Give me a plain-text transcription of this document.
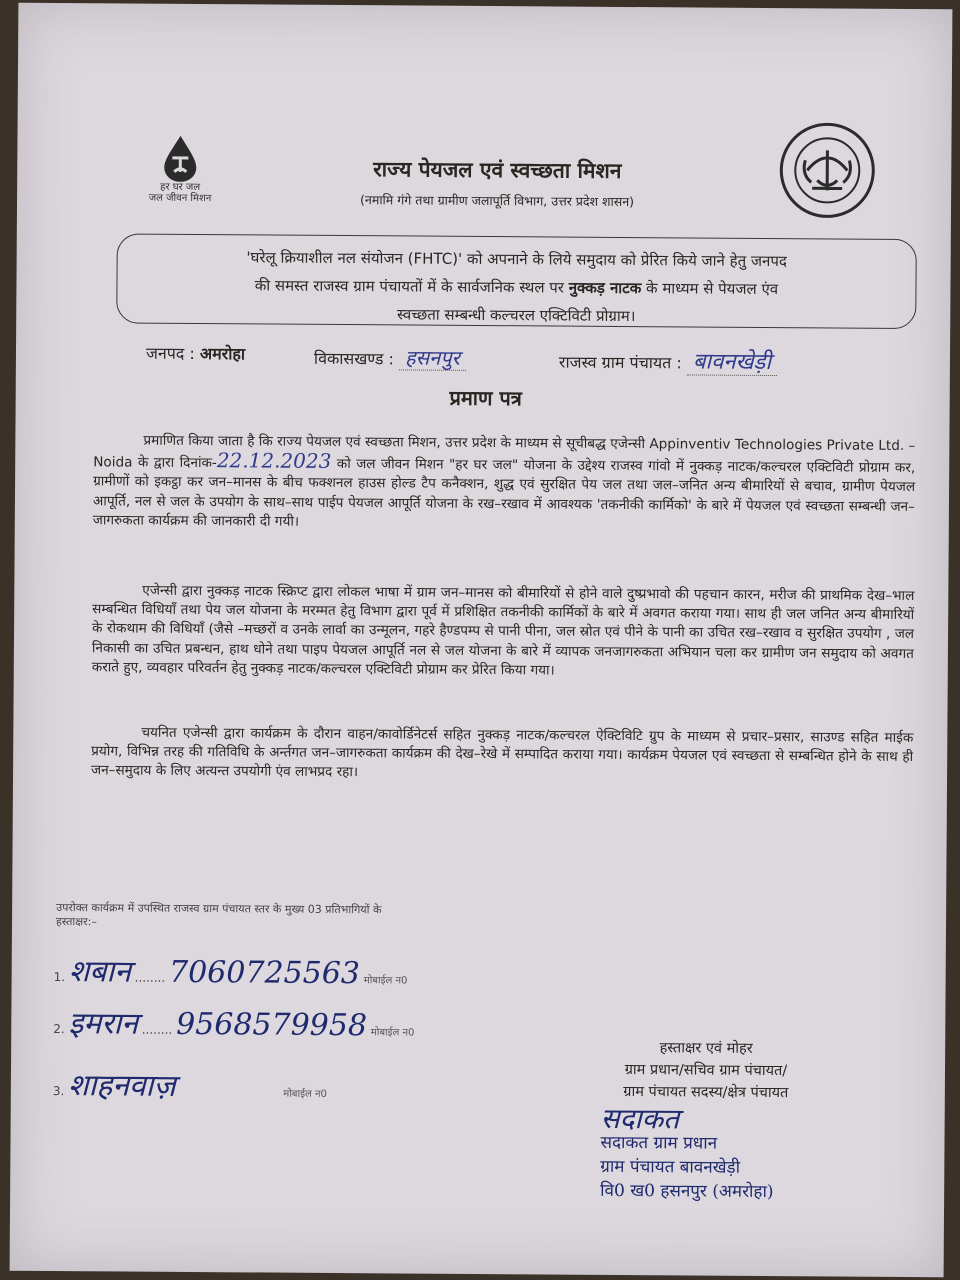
हर घर जल
जल जीवन मिशन
राज्य पेयजल एवं स्वच्छता मिशन
(नमामि गंगे तथा ग्रामीण जलापूर्ति विभाग, उत्तर प्रदेश शासन)
'घरेलू क्रियाशील नल संयोजन (FHTC)' को अपनाने के लिये समुदाय को प्रेरित किये जाने हेतु जनपद
की समस्त राजस्व ग्राम पंचायतों में के सार्वजनिक स्थल पर नुक्कड़ नाटक के माध्यम से पेयजल एंव
स्वच्छता सम्बन्धी कल्चरल एक्टिविटी प्रोग्राम।
जनपद : अमरोहा	विकासखण्ड : हसनपुर	राजस्व ग्राम पंचायत : बावनखेड़ी
प्रमाण पत्र
प्रमाणित किया जाता है कि राज्य पेयजल एवं स्वच्छता मिशन, उत्तर प्रदेश के माध्यम से सूचीबद्ध एजेन्सी Appinventiv Technologies Private Ltd. – Noida के द्वारा दिनांक-22.12.2023 को जल जीवन मिशन "हर घर जल" योजना के उद्देश्य राजस्व गांवो में नुक्कड़ नाटक/कल्चरल एक्टिविटी प्रोग्राम कर, ग्रामीणों को इकट्ठा कर जन–मानस के बीच फक्शनल हाउस होल्ड टैप कनैक्शन, शुद्ध एवं सुरक्षित पेय जल तथा जल–जनित अन्य बीमारियों से बचाव, ग्रामीण पेयजल आपूर्ति, नल से जल के उपयोग के साथ–साथ पाईप पेयजल आपूर्ति योजना के रख–रखाव में आवश्यक 'तकनीकी कार्मिको' के बारे में पेयजल एवं स्वच्छता सम्बन्धी जन–जागरुकता कार्यक्रम की जानकारी दी गयी।
एजेन्सी द्वारा नुक्कड़ नाटक स्क्रिप्ट द्वारा लोकल भाषा में ग्राम जन–मानस को बीमारियों से होने वाले दुष्प्रभावो की पहचान कारन, मरीज की प्राथमिक देख–भाल सम्बन्धित विधियाँ तथा पेय जल योजना के मरम्मत हेतु विभाग द्वारा पूर्व में प्रशिक्षित तकनीकी कार्मिकों के बारे में अवगत कराया गया। साथ ही जल जनित अन्य बीमारियों के रोकथाम की विधियाँ (जैसे –मच्छरों व उनके लार्वा का उन्मूलन, गहरे हैण्डपम्प से पानी पीना, जल स्रोत एवं पीने के पानी का उचित रख–रखाव व सुरक्षित उपयोग , जल निकासी का उचित प्रबन्धन, हाथ धोने तथा पाइप पेयजल आपूर्ति नल से जल योजना के बारे में व्यापक जनजागरुकता अभियान चला कर ग्रामीण जन समुदाय को अवगत कराते हुए, व्यवहार परिवर्तन हेतु नुक्कड़ नाटक/कल्चरल एक्टिविटी प्रोग्राम कर प्रेरित किया गया।
चयनित एजेन्सी द्वारा कार्यक्रम के दौरान वाहन/कावोर्डिनेटर्स सहित नुक्कड़ नाटक/कल्चरल ऐक्टिविटि ग्रुप के माध्यम से प्रचार–प्रसार, साउण्ड सहित माईक प्रयोग, विभिन्न तरह की गतिविधि के अर्न्तगत जन–जागरुकता कार्यक्रम की देख–रेखे में सम्पादित कराया गया। कार्यक्रम पेयजल एवं स्वच्छता से सम्बन्धित होने के साथ ही जन–समुदाय के लिए अत्यन्त उपयोगी एंव लाभप्रद रहा।
उपरोक्त कार्यक्रम में उपस्थित राजस्व ग्राम पंचायत स्तर के मुख्य 03 प्रतिभागियों के
हस्ताक्षर:–
1. शबान ........ 7060725563 मोबाईल न0
2. इमरान ........ 9568579958 मोबाईल न0
3. शाहनवाज़	मोबाईल न0
हस्ताक्षर एवं मोहर
ग्राम प्रधान/सचिव ग्राम पंचायत/
ग्राम पंचायत सदस्य/क्षेत्र पंचायत
सदाकत
सदाकत ग्राम प्रधान
ग्राम पंचायत बावनखेड़ी
वि0 ख0 हसनपुर (अमरोहा)
